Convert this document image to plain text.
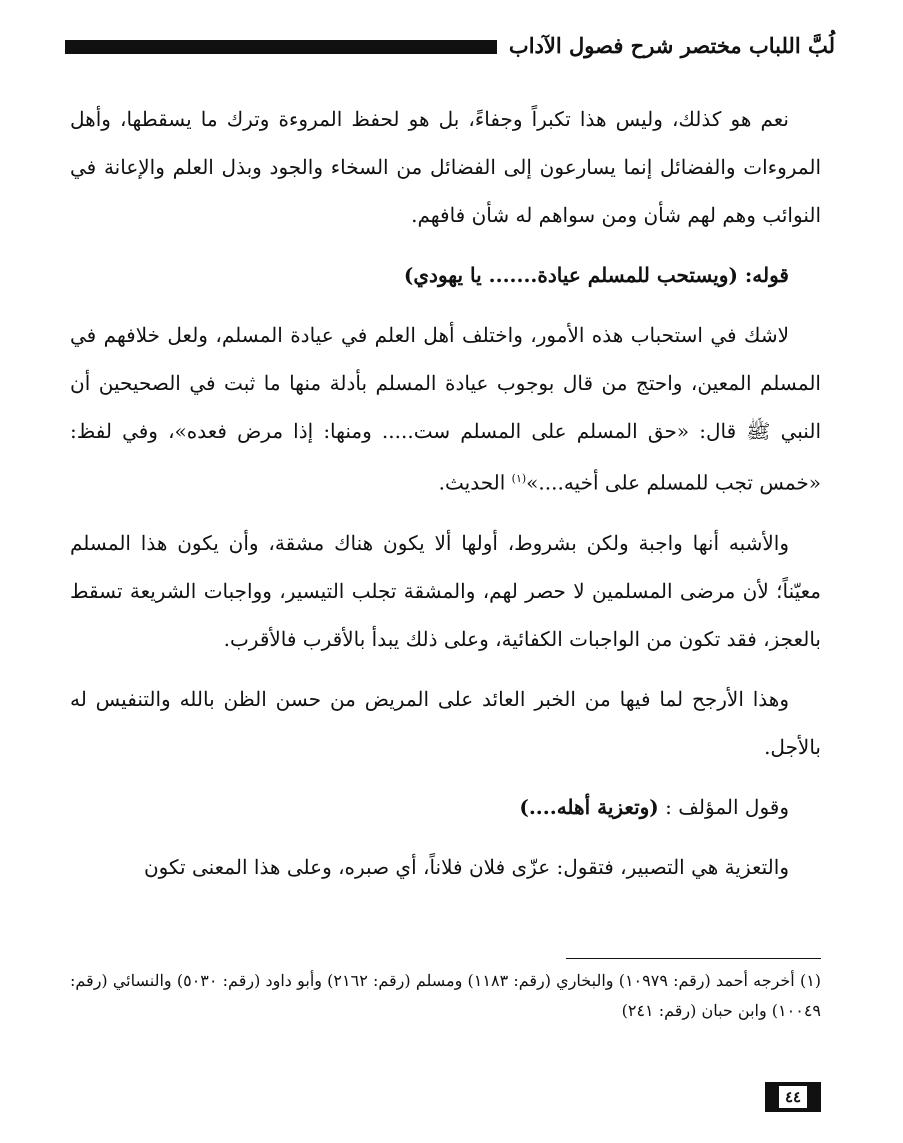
لُبَّ اللباب مختصر شرح فصول الآداب

نعم هو كذلك، وليس هذا تكبراً وجفاءً، بل هو لحفظ المروءة وترك ما يسقطها، وأهل المروءات والفضائل إنما يسارعون إلى الفضائل من السخاء والجود وبذل العلم والإعانة في النوائب وهم لهم شأن ومن سواهم له شأن فافهم.

قوله: (ويستحب للمسلم عيادة....... يا يهودي)

لاشك في استحباب هذه الأمور، واختلف أهل العلم في عيادة المسلم، ولعل خلافهم في المسلم المعين، واحتج من قال بوجوب عيادة المسلم بأدلة منها ما ثبت في الصحيحين أن النبي ﷺ قال: «حق المسلم على المسلم ست..... ومنها: إذا مرض فعده»، وفي لفظ: «خمس تجب للمسلم على أخيه....»$^{(١)}$ الحديث.

والأشبه أنها واجبة ولكن بشروط، أولها ألا يكون هناك مشقة، وأن يكون هذا المسلم معيّناً؛ لأن مرضى المسلمين لا حصر لهم، والمشقة تجلب التيسير، وواجبات الشريعة تسقط بالعجز، فقد تكون من الواجبات الكفائية، وعلى ذلك يبدأ بالأقرب فالأقرب.

وهذا الأرجح لما فيها من الخبر العائد على المريض من حسن الظن بالله والتنفيس له بالأجل.

وقول المؤلف : (وتعزية أهله....)

والتعزية هي التصبير، فتقول: عزّى فلان فلاناً، أي صبره، وعلى هذا المعنى تكون

(١) أخرجه أحمد (رقم: ١٠٩٧٩) والبخاري (رقم: ١١٨٣) ومسلم (رقم: ٢١٦٢) وأبو داود (رقم: ٥٠٣٠) والنسائي (رقم: ١٠٠٤٩) وابن حبان (رقم: ٢٤١)

٤٤
